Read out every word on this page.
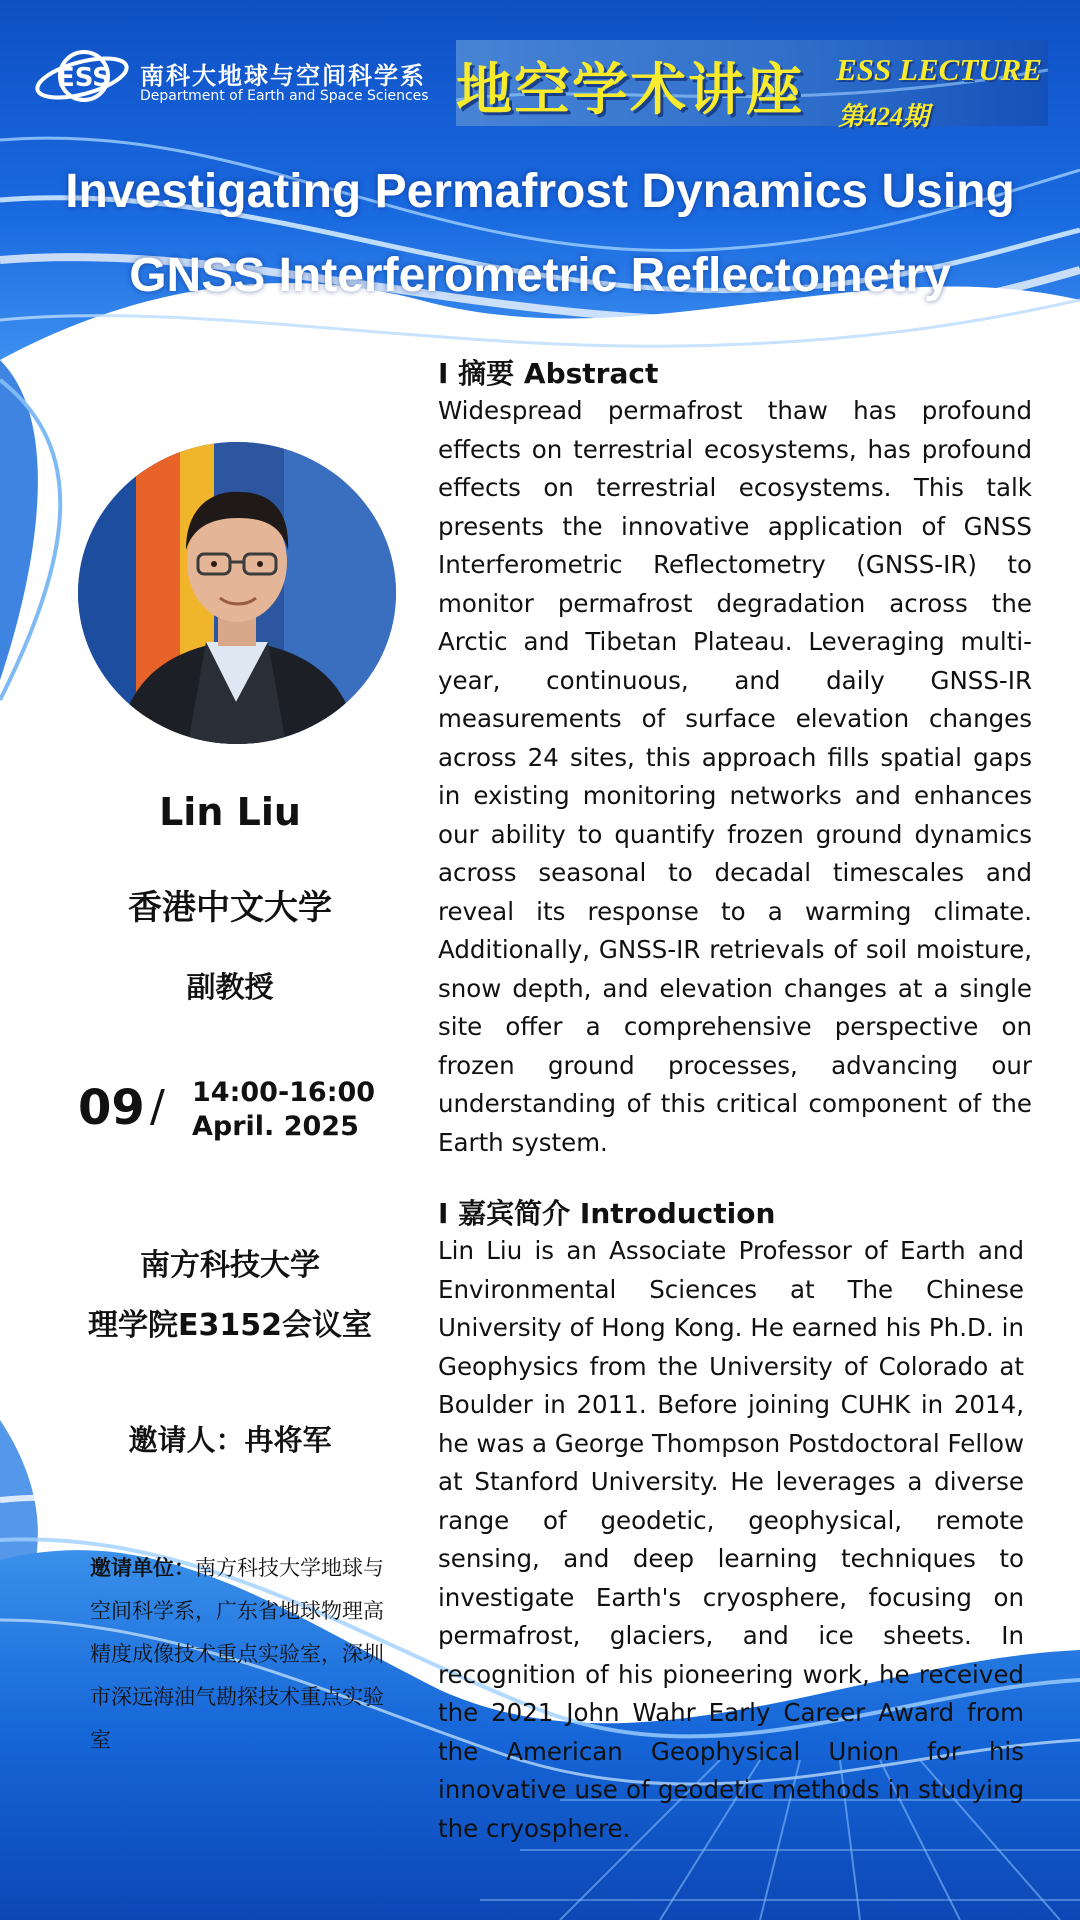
ESS 南科大地球与空间科学系
Department of Earth and Space Sciences 地空学术讲座 ESS LECTURE
第424期
Investigating Permafrost Dynamics Using
GNSS Interferometric Reflectometry
Lin Liu
香港中文大学
副教授
09 / 14:00-16:00
April. 2025
南方科技大学
理学院E3152会议室
邀请人：冉将军
邀请单位：南方科技大学地球与空间科学系，广东省地球物理高精度成像技术重点实验室，深圳市深远海油气勘探技术重点实验室
I 摘要 Abstract
Widespread permafrost thaw has profound effects on terrestrial ecosystems, has profound effects on terrestrial ecosystems. This talk presents the innovative application of GNSS Interferometric Reflectometry (GNSS-IR) to monitor permafrost degradation across the Arctic and Tibetan Plateau. Leveraging multi-year, continuous, and daily GNSS-IR measurements of surface elevation changes across 24 sites, this approach fills spatial gaps in existing monitoring networks and enhances our ability to quantify frozen ground dynamics across seasonal to decadal timescales and reveal its response to a warming climate. Additionally, GNSS-IR retrievals of soil moisture, snow depth, and elevation changes at a single site offer a comprehensive perspective on frozen ground processes, advancing our understanding of this critical component of the Earth system.
I 嘉宾简介 Introduction
Lin Liu is an Associate Professor of Earth and Environmental Sciences at The Chinese University of Hong Kong. He earned his Ph.D. in Geophysics from the University of Colorado at Boulder in 2011. Before joining CUHK in 2014, he was a George Thompson Postdoctoral Fellow at Stanford University. He leverages a diverse range of geodetic, geophysical, remote sensing, and deep learning techniques to investigate Earth's cryosphere, focusing on permafrost, glaciers, and ice sheets. In recognition of his pioneering work, he received the 2021 John Wahr Early Career Award from the American Geophysical Union for his innovative use of geodetic methods in studying the cryosphere.
